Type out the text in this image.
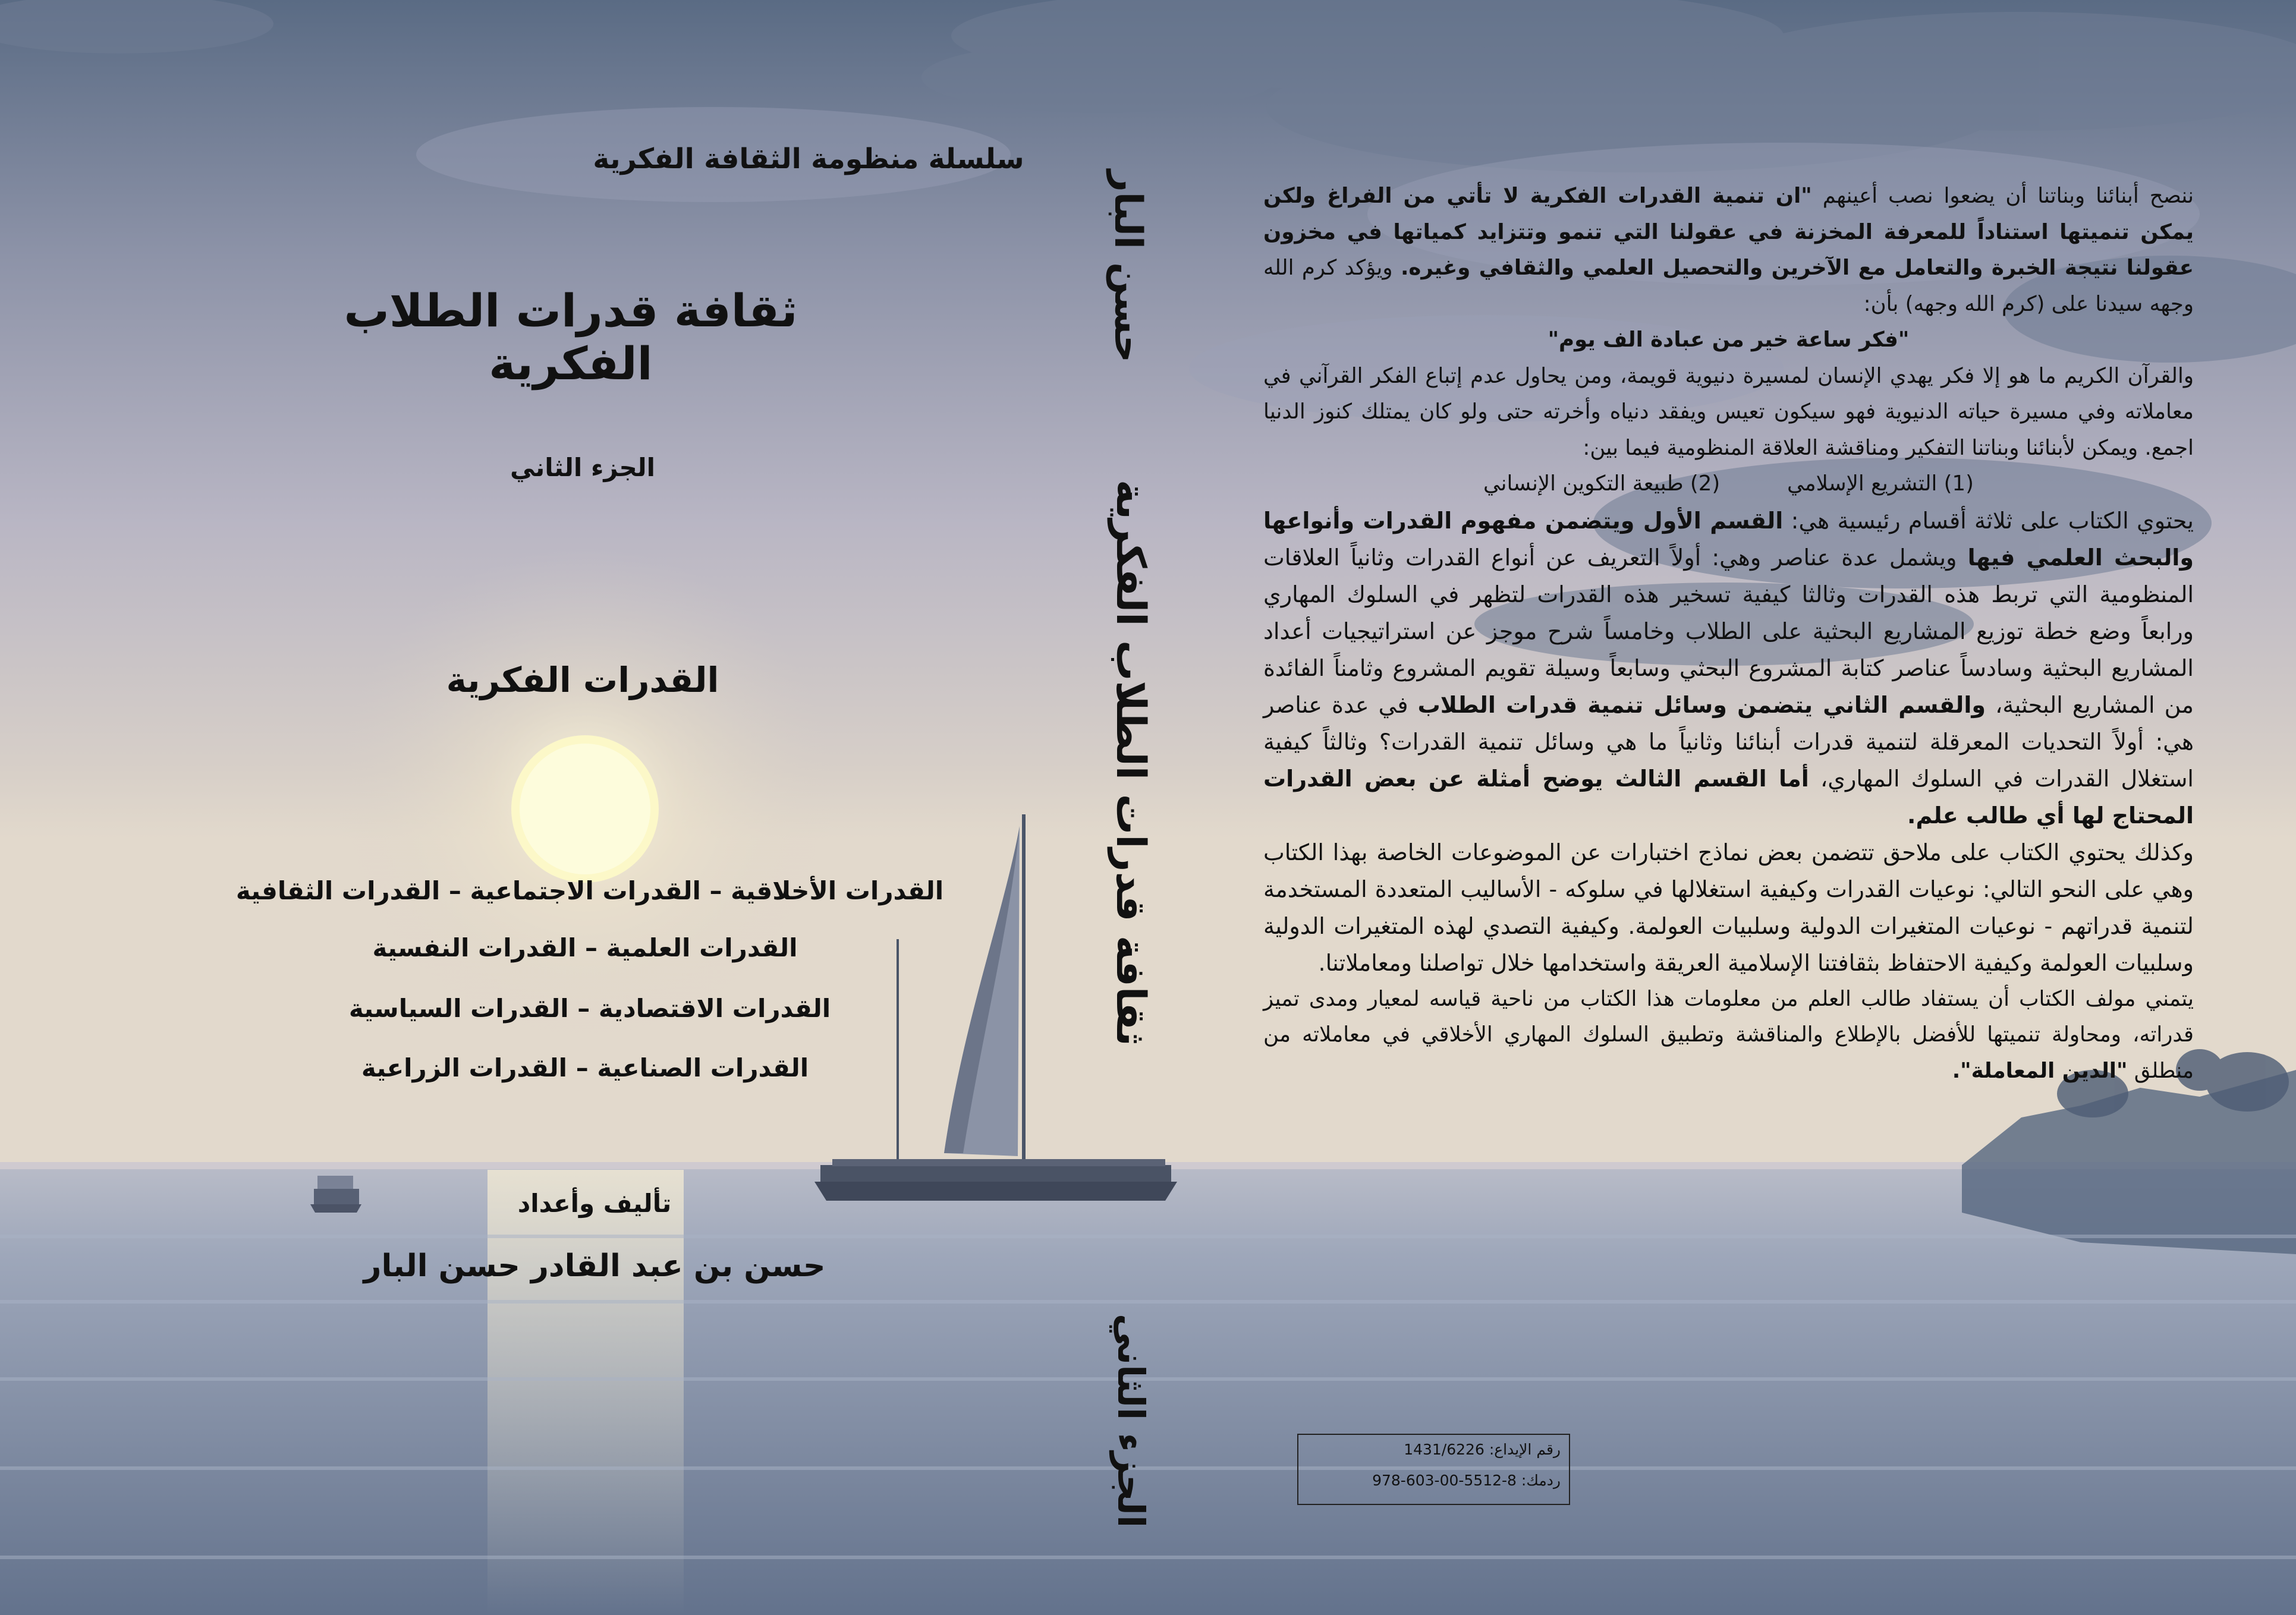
سلسلة منظومة الثقافة الفكرية
ثقافة قدرات الطلاب الفكرية
الجزء الثاني
القدرات الفكرية
القدرات الأخلاقية – القدرات الاجتماعية – القدرات الثقافية
القدرات العلمية – القدرات النفسية
القدرات الاقتصادية – القدرات السياسية
القدرات الصناعية – القدرات الزراعية
تأليف وأعداد
حسن بن عبد القادر حسن البار
حسن البار
ثقافة قدرات الطلاب الفكرية
الجزء الثاني

ننصح أبنائنا وبناتنا أن يضعوا نصب أعينهم "ان تنمية القدرات الفكرية لا تأتي من الفراغ ولكن يمكن تنميتها استناداً للمعرفة المخزنة في عقولنا التي تنمو وتتزايد كمياتها في مخزون عقولنا نتيجة الخبرة والتعامل مع الآخرين والتحصيل العلمي والثقافي وغيره. ويؤكد كرم الله وجهه سيدنا على (كرم الله وجهه) بأن:

"فكر ساعة خير من عبادة الف يوم"

والقرآن الكريم ما هو إلا فكر يهدي الإنسان لمسيرة دنيوية قويمة، ومن يحاول عدم إتباع الفكر القرآني في معاملاته وفي مسيرة حياته الدنيوية فهو سيكون تعيس ويفقد دنياه وأخرته حتى ولو كان يمتلك كنوز الدنيا اجمع. ويمكن لأبنائنا وبناتنا التفكير ومناقشة العلاقة المنظومية فيما بين:

(1) التشريع الإسلامي          (2) طبيعة التكوين الإنساني

يحتوي الكتاب على ثلاثة أقسام رئيسية هي: القسم الأول ويتضمن مفهوم القدرات وأنواعها والبحث العلمي فيها ويشمل عدة عناصر وهي: أولاً التعريف عن أنواع القدرات وثانياً العلاقات المنظومية التي تربط هذه القدرات وثالثا كيفية تسخير هذه القدرات لتظهر في السلوك المهاري ورابعاً وضع خطة توزيع المشاريع البحثية على الطلاب وخامساً شرح موجز عن استراتيجيات أعداد المشاريع البحثية وسادساً عناصر كتابة المشروع البحثي وسابعاً وسيلة تقويم المشروع وثامناً الفائدة من المشاريع البحثية، والقسم الثاني يتضمن وسائل تنمية قدرات الطلاب في عدة عناصر هي: أولاً التحديات المعرقلة لتنمية قدرات أبنائنا وثانياً ما هي وسائل تنمية القدرات؟ وثالثاً كيفية استغلال القدرات في السلوك المهاري، أما القسم الثالث يوضح أمثلة عن بعض القدرات المحتاج لها أي طالب علم.

وكذلك يحتوي الكتاب على ملاحق تتضمن بعض نماذج اختبارات عن الموضوعات الخاصة بهذا الكتاب وهي على النحو التالي: نوعيات القدرات وكيفية استغلالها في سلوكه - الأساليب المتعددة المستخدمة لتنمية قدراتهم - نوعيات المتغيرات الدولية وسلبيات العولمة. وكيفية التصدي لهذه المتغيرات الدولية وسلبيات العولمة وكيفية الاحتفاظ بثقافتنا الإسلامية العريقة واستخدامها خلال تواصلنا ومعاملاتنا.

يتمني مولف الكتاب أن يستفاد طالب العلم من معلومات هذا الكتاب من ناحية قياسه لمعيار ومدى تميز قدراته، ومحاولة تنميتها للأفضل بالإطلاع والمناقشة وتطبيق السلوك المهاري الأخلاقي في معاملاته من منطلق "الدين المعاملة".

رقم الإيداع: 1431/6226
ردمك: 978-603-00-5512-8
